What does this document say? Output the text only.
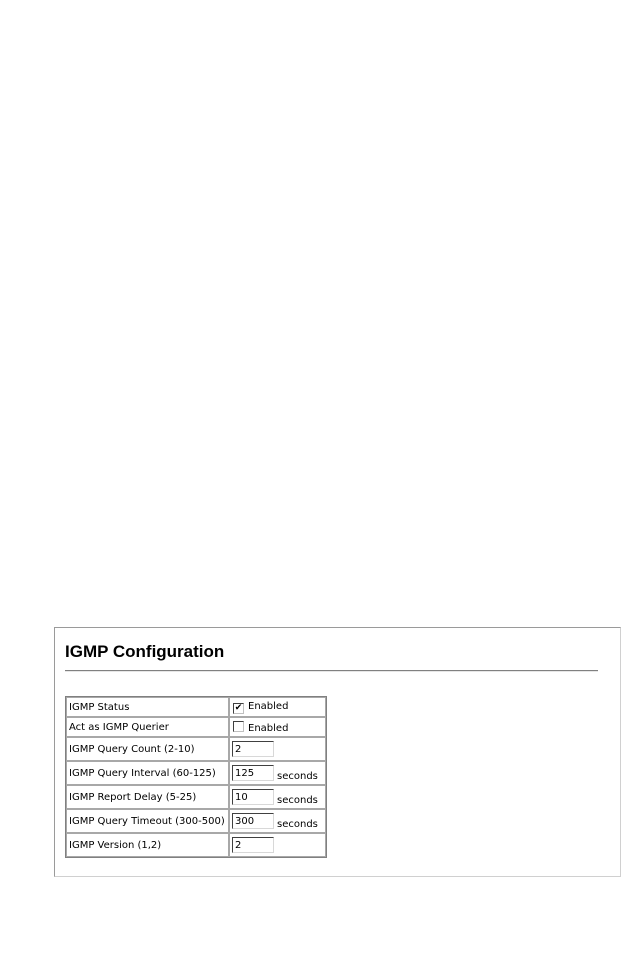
IGMP Configuration
IGMP Status	✔ Enabled
Act as IGMP Querier	Enabled
IGMP Query Count (2-10)	2
IGMP Query Interval (60-125)	125 seconds
IGMP Report Delay (5-25)	10 seconds
IGMP Query Timeout (300-500)	300 seconds
IGMP Version (1,2)	2
